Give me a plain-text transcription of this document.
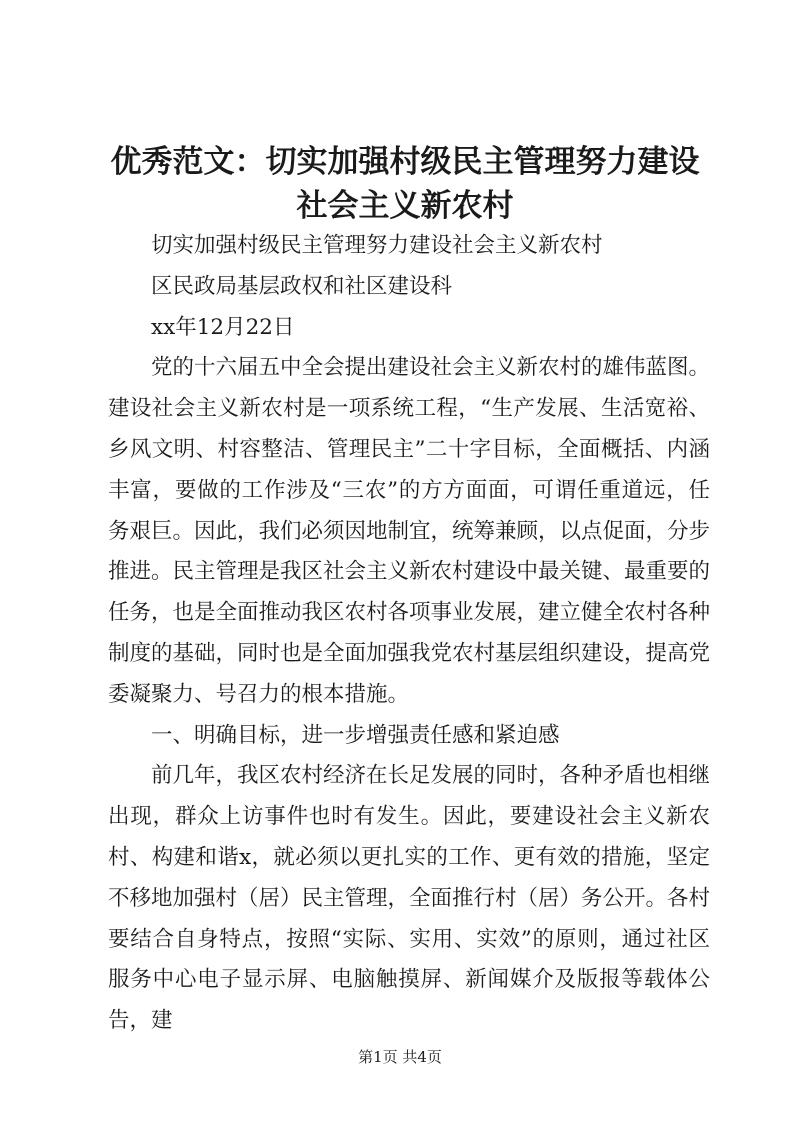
优秀范文：切实加强村级民主管理努力建设社会主义新农村

切实加强村级民主管理努力建设社会主义新农村

区民政局基层政权和社区建设科

xx年12月22日

党的十六届五中全会提出建设社会主义新农村的雄伟蓝图。建设社会主义新农村是一项系统工程，“生产发展、生活宽裕、乡风文明、村容整洁、管理民主”二十字目标，全面概括、内涵丰富，要做的工作涉及“三农”的方方面面，可谓任重道远，任务艰巨。因此，我们必须因地制宜，统筹兼顾，以点促面，分步推进。民主管理是我区社会主义新农村建设中最关键、最重要的任务，也是全面推动我区农村各项事业发展，建立健全农村各种制度的基础，同时也是全面加强我党农村基层组织建设，提高党委凝聚力、号召力的根本措施。

一、明确目标，进一步增强责任感和紧迫感

前几年，我区农村经济在长足发展的同时，各种矛盾也相继出现，群众上访事件也时有发生。因此，要建设社会主义新农村、构建和谐x，就必须以更扎实的工作、更有效的措施，坚定不移地加强村（居）民主管理，全面推行村（居）务公开。各村要结合自身特点，按照“实际、实用、实效”的原则，通过社区服务中心电子显示屏、电脑触摸屏、新闻媒介及版报等载体公告，建

第1页 共4页
